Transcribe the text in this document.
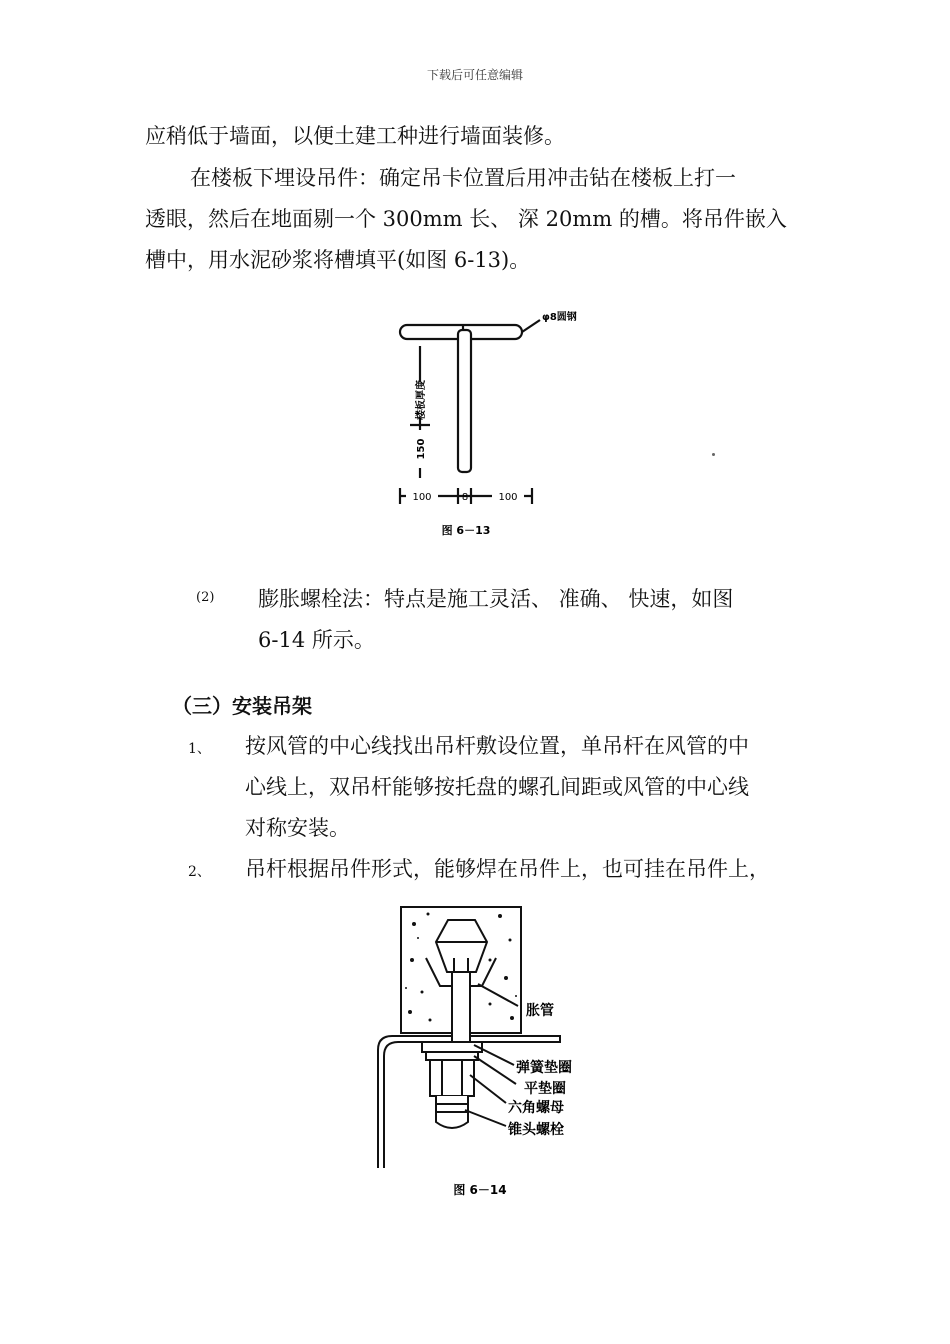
下载后可任意编辑
应稍低于墙面，以便土建工种进行墙面装修。
在楼板下埋设吊件：确定吊卡位置后用冲击钻在楼板上打一
透眼，然后在地面剔一个 300mm 长、 深 20mm 的槽。将吊件嵌入
槽中，用水泥砂浆将槽填平(如图 6-13)。
φ8圆钢
楼板厚度
150
100	8	100
图 6－13
(2) 膨胀螺栓法：特点是施工灵活、 准确、 快速，如图
6-14 所示。
（三）安装吊架
1、 按风管的中心线找出吊杆敷设位置，单吊杆在风管的中
心线上，双吊杆能够按托盘的螺孔间距或风管的中心线
对称安装。
2、 吊杆根据吊件形式，能够焊在吊件上，也可挂在吊件上，
胀管
弹簧垫圈
平垫圈
六角螺母
锥头螺栓
图 6－14
